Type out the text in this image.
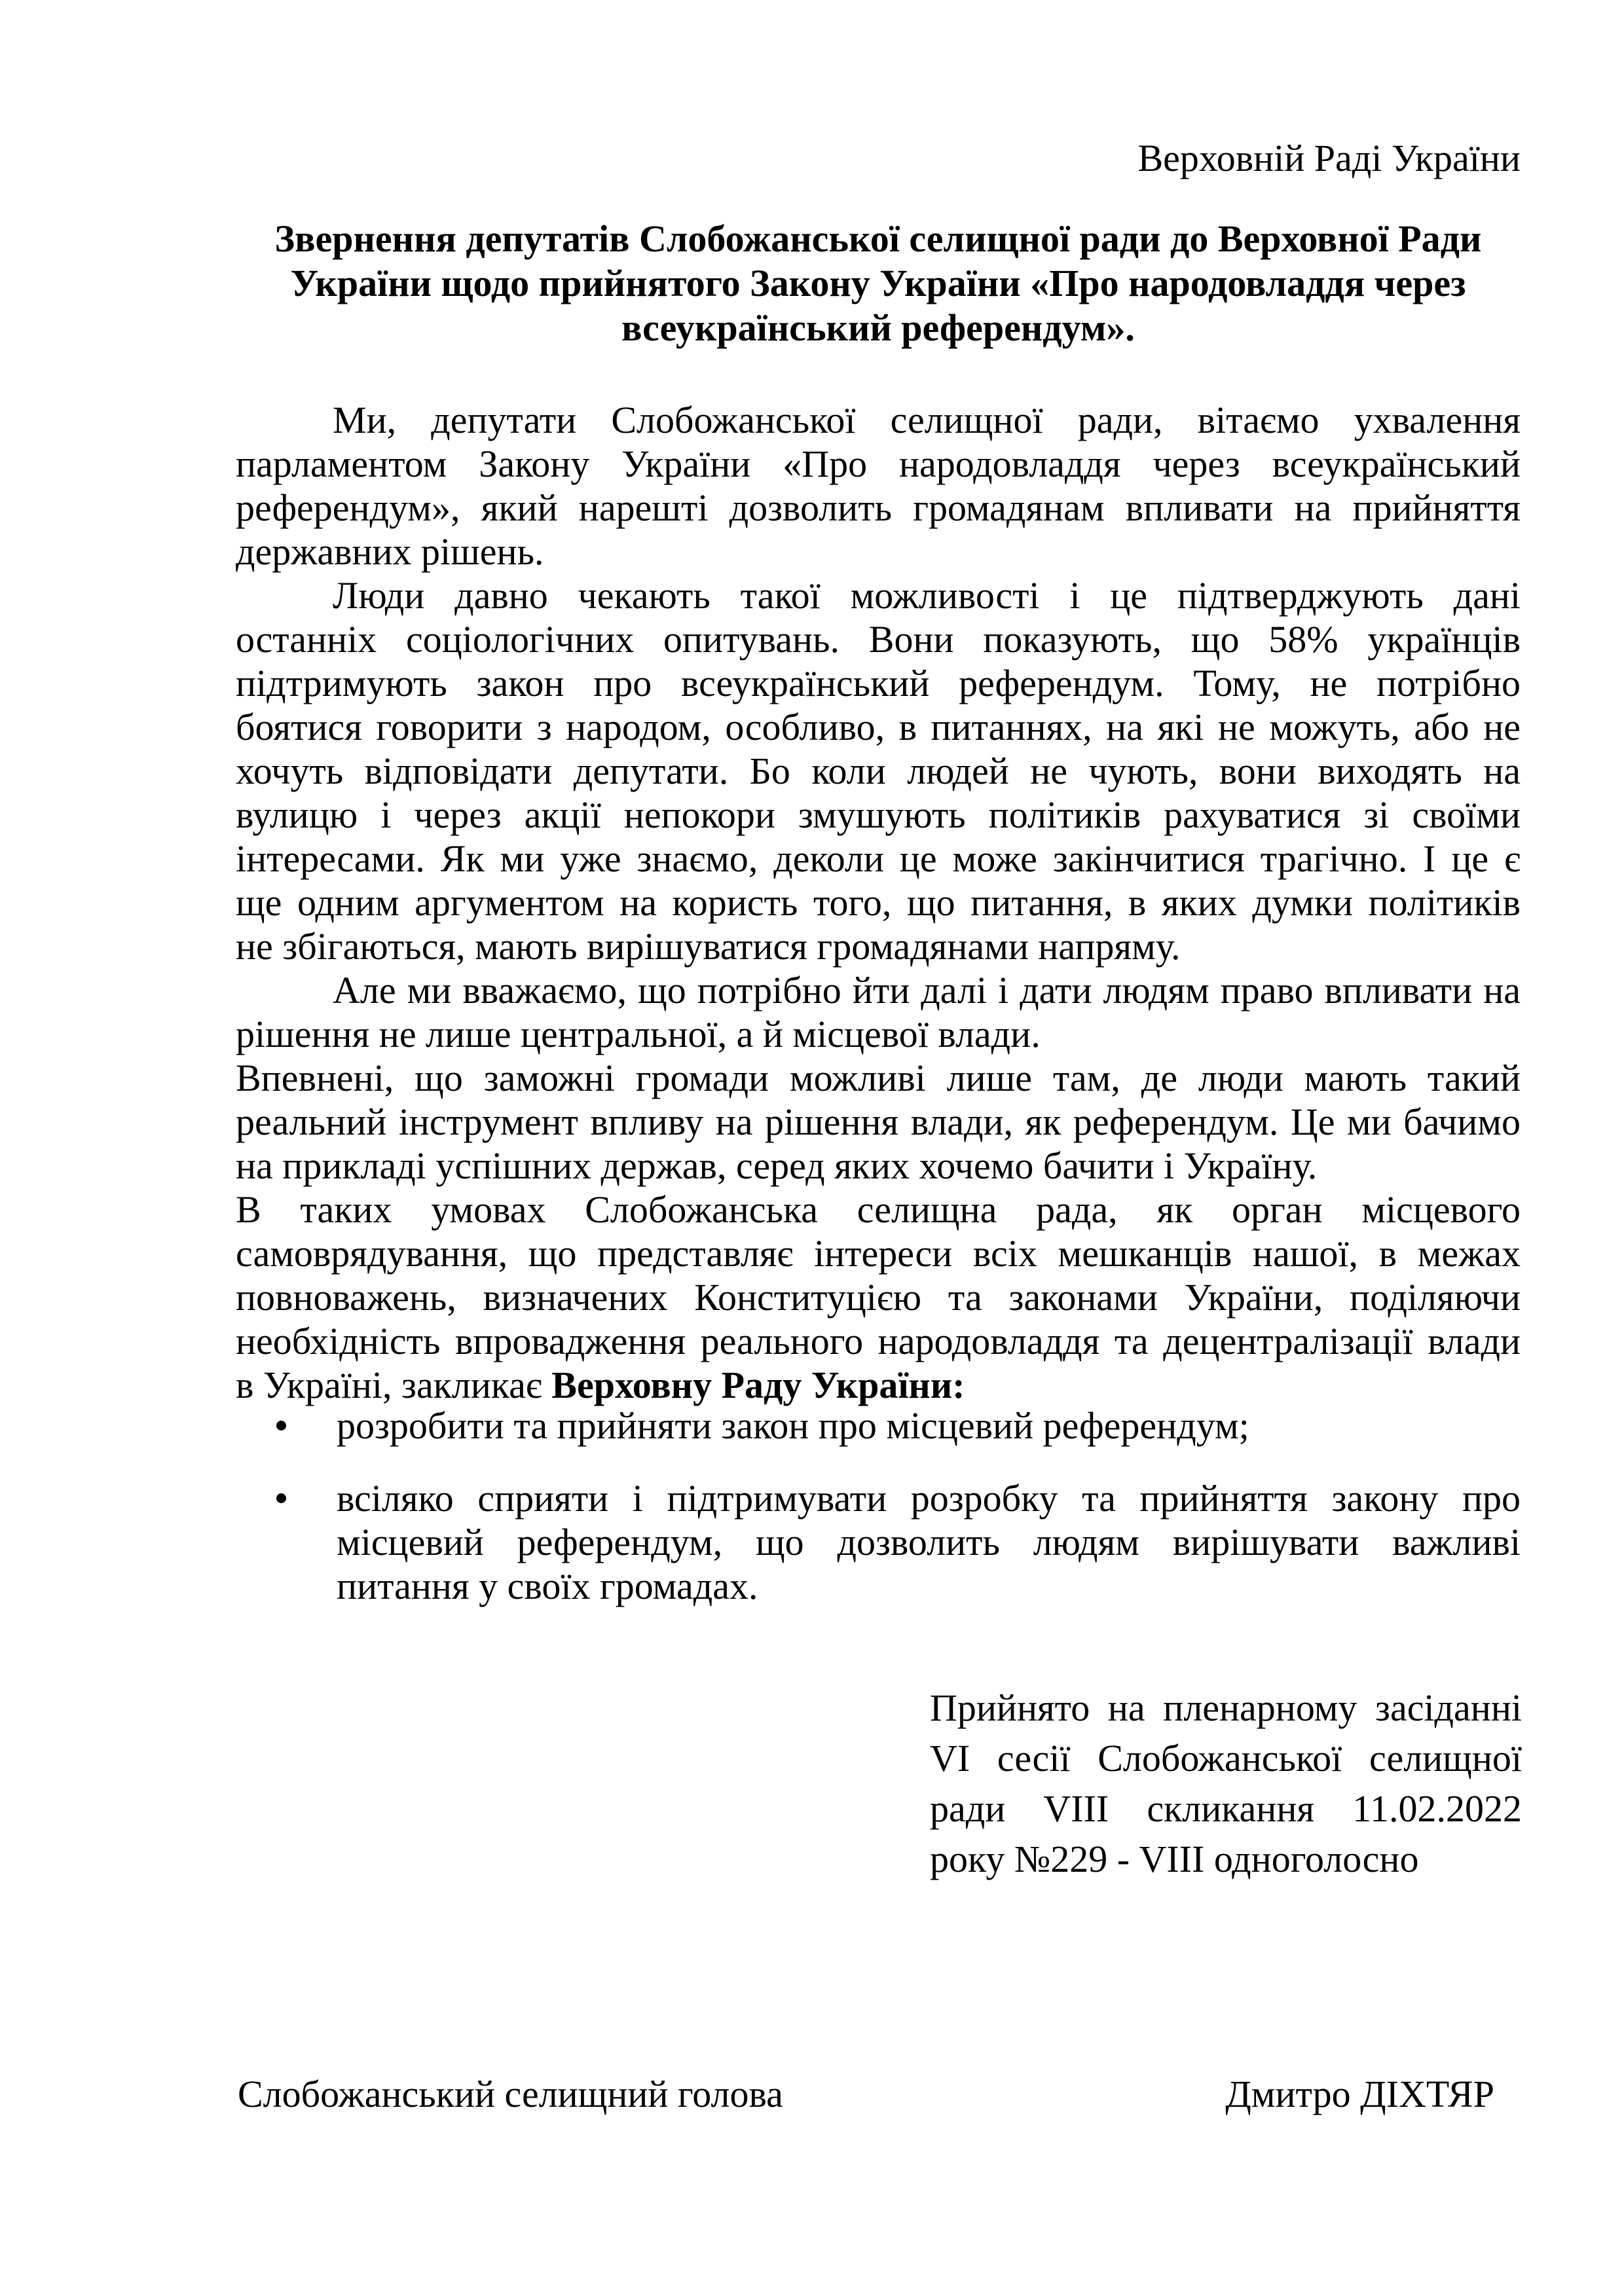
Верховній Раді України
Звернення депутатів Слобожанської селищної ради до Верховної Ради
України щодо прийнятого Закону України «Про народовладдя через
всеукраїнський референдум».
Ми, депутати Слобожанської селищної ради, вітаємо ухвалення
парламентом Закону України «Про народовладдя через всеукраїнський
референдум», який нарешті дозволить громадянам впливати на прийняття
державних рішень.
Люди давно чекають такої можливості і це підтверджують дані
останніх соціологічних опитувань. Вони показують, що 58% українців
підтримують закон про всеукраїнський референдум. Тому, не потрібно
боятися говорити з народом, особливо, в питаннях, на які не можуть, або не
хочуть відповідати депутати. Бо коли людей не чують, вони виходять на
вулицю і через акції непокори змушують політиків рахуватися зі своїми
інтересами. Як ми уже знаємо, деколи це може закінчитися трагічно. І це є
ще одним аргументом на користь того, що питання, в яких думки політиків
не збігаються, мають вирішуватися громадянами напряму.
Але ми вважаємо, що потрібно йти далі і дати людям право впливати на
рішення не лише центральної, а й місцевої влади.
Впевнені, що заможні громади можливі лише там, де люди мають такий
реальний інструмент впливу на рішення влади, як референдум. Це ми бачимо
на прикладі успішних держав, серед яких хочемо бачити і Україну.
В таких умовах Слобожанська селищна рада, як орган місцевого
самоврядування, що представляє інтереси всіх мешканців нашої, в межах
повноважень, визначених Конституцією та законами України, поділяючи
необхідність впровадження реального народовладдя та децентралізації влади
в Україні, закликає Верховну Раду України:
розробити та прийняти закон про місцевий референдум;
всіляко сприяти і підтримувати розробку та прийняття закону про
місцевий референдум, що дозволить людям вирішувати важливі
питання у своїх громадах.
Прийнято на пленарному засіданні
VI сесії Слобожанської селищної
ради VIII скликання 11.02.2022
року №229 - VIII одноголосно
Слобожанський селищний голова	Дмитро ДІХТЯР
